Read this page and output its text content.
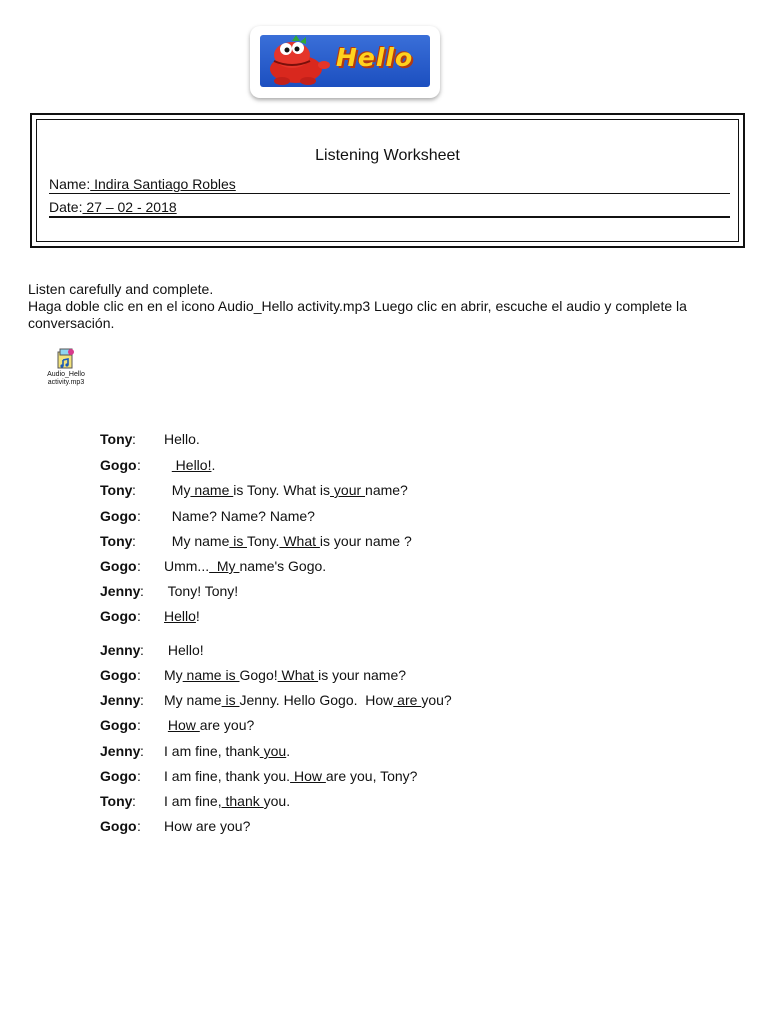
Hello
Listening Worksheet
Name: Indira Santiago Robles
Date: 27 – 02 - 2018
Listen carefully and complete.
Haga doble clic en en el icono Audio_Hello activity.mp3 Luego clic en abrir, escuche el audio y complete la conversación.
Audio_Hello
activity.mp3
Tony : Hello.
Gogo :	Hello!.
Tony : My name is Tony. What is your name?
Gogo : Name? Name? Name?
Tony : My name is Tony. What is your name ?
Gogo : Umm...  My name's Gogo.
Jenny : Tony! Tony!
Gogo : Hello!
Jenny : Hello!
Gogo : My name is Gogo! What is your name?
Jenny : My name is Jenny. Hello Gogo.  How are you?
Gogo : How are you?
Jenny : I am fine, thank you.
Gogo : I am fine, thank you. How are you, Tony?
Tony : I am fine, thank you.
Gogo : How are you?
